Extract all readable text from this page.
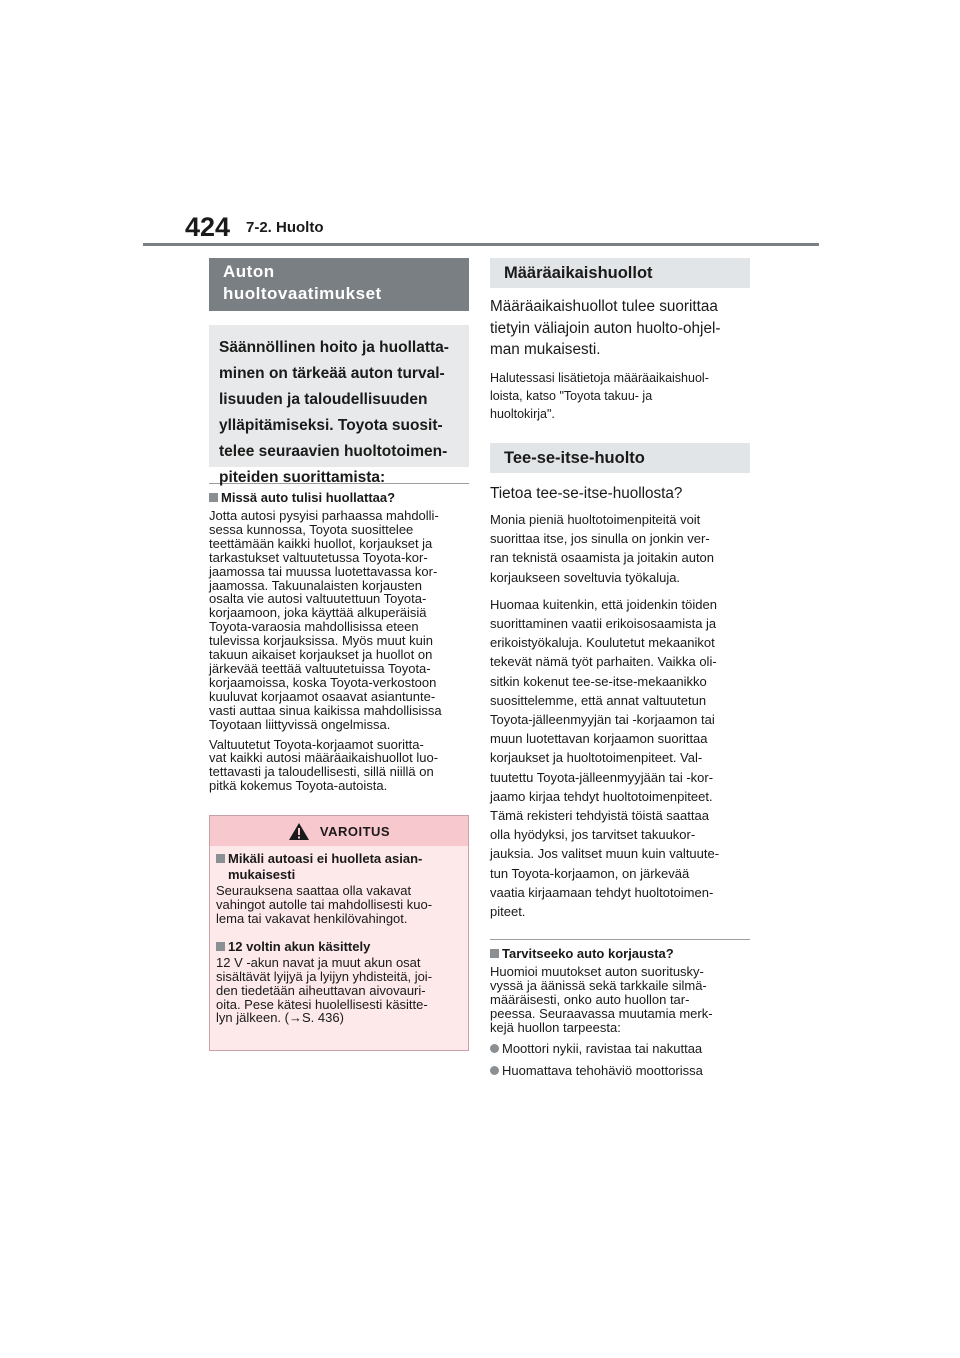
424 7-2. Huolto
Auton
huoltovaatimukset
Säännöllinen hoito ja huollatta-
minen on tärkeää auton turval-
lisuuden ja taloudellisuuden
ylläpitämiseksi. Toyota suosit-
telee seuraavien huoltotoimen-
piteiden suorittamista:
Missä auto tulisi huollattaa?
Jotta autosi pysyisi parhaassa mahdolli-
sessa kunnossa, Toyota suosittelee
teettämään kaikki huollot, korjaukset ja
tarkastukset valtuutetussa Toyota-kor-
jaamossa tai muussa luotettavassa kor-
jaamossa. Takuunalaisten korjausten
osalta vie autosi valtuutettuun Toyota-
korjaamoon, joka käyttää alkuperäisiä
Toyota-varaosia mahdollisissa eteen
tulevissa korjauksissa. Myös muut kuin
takuun aikaiset korjaukset ja huollot on
järkevää teettää valtuutetuissa Toyota-
korjaamoissa, koska Toyota-verkostoon
kuuluvat korjaamot osaavat asiantunte-
vasti auttaa sinua kaikissa mahdollisissa
Toyotaan liittyvissä ongelmissa.
Valtuutetut Toyota-korjaamot suoritta-
vat kaikki autosi määräaikaishuollot luo-
tettavasti ja taloudellisesti, sillä niillä on
pitkä kokemus Toyota-autoista.
VAROITUS
Mikäli autoasi ei huolleta asian-
mukaisesti
Seurauksena saattaa olla vakavat
vahingot autolle tai mahdollisesti kuo-
lema tai vakavat henkilövahingot.
12 voltin akun käsittely
12 V -akun navat ja muut akun osat
sisältävät lyijyä ja lyijyn yhdisteitä, joi-
den tiedetään aiheuttavan aivovauri-
oita. Pese kätesi huolellisesti käsitte-
lyn jälkeen. (→S. 436)
Määräaikaishuollot
Määräaikaishuollot tulee suorittaa
tietyin väliajoin auton huolto-ohjel-
man mukaisesti.
Halutessasi lisätietoja määräaikaishuol-
loista, katso "Toyota takuu- ja
huoltokirja".
Tee-se-itse-huolto
Tietoa tee-se-itse-huollosta?
Monia pieniä huoltotoimenpiteitä voit
suorittaa itse, jos sinulla on jonkin ver-
ran teknistä osaamista ja joitakin auton
korjaukseen soveltuvia työkaluja.
Huomaa kuitenkin, että joidenkin töiden
suorittaminen vaatii erikoisosaamista ja
erikoistyökaluja. Koulutetut mekaanikot
tekevät nämä työt parhaiten. Vaikka oli-
sitkin kokenut tee-se-itse-mekaanikko
suosittelemme, että annat valtuutetun
Toyota-jälleenmyyjän tai -korjaamon tai
muun luotettavan korjaamon suorittaa
korjaukset ja huoltotoimenpiteet. Val-
tuutettu Toyota-jälleenmyyjään tai -kor-
jaamo kirjaa tehdyt huoltotoimenpiteet.
Tämä rekisteri tehdyistä töistä saattaa
olla hyödyksi, jos tarvitset takuukor-
jauksia. Jos valitset muun kuin valtuute-
tun Toyota-korjaamon, on järkevää
vaatia kirjaamaan tehdyt huoltotoimen-
piteet.
Tarvitseeko auto korjausta?
Huomioi muutokset auton suoritusky-
vyssä ja äänissä sekä tarkkaile silmä-
määräisesti, onko auto huollon tar-
peessa. Seuraavassa muutamia merk-
kejä huollon tarpeesta:
Moottori nykii, ravistaa tai nakuttaa
Huomattava tehohäviö moottorissa
